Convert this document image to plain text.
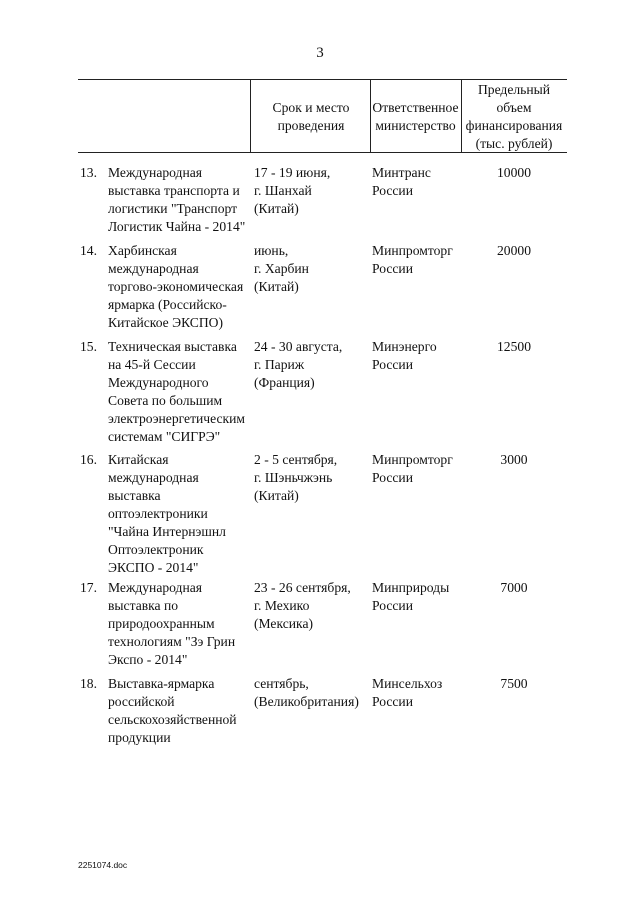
3
Срок и место
проведения
Ответственное
министерство
Предельный
объем
финансирования
(тыс. рублей)
13. Международная
выставка транспорта и
логистики "Транспорт
Логистик Чайна - 2014"
17 - 19 июня,
г. Шанхай
(Китай)
Минтранс
России
10000
14. Харбинская
международная
торгово-экономическая
ярмарка (Российско-
Китайское ЭКСПО)
июнь,
г. Харбин
(Китай)
Минпромторг
России
20000
15. Техническая выставка
на 45-й Сессии
Международного
Совета по большим
электроэнергетическим
системам "СИГРЭ"
24 - 30 августа,
г. Париж
(Франция)
Минэнерго
России
12500
16. Китайская
международная
выставка
оптоэлектроники
"Чайна Интернэшнл
Оптоэлектроник
ЭКСПО - 2014"
2 - 5 сентября,
г. Шэньчжэнь
(Китай)
Минпромторг
России
3000
17. Международная
выставка по
природоохранным
технологиям "Зэ Грин
Экспо - 2014"
23 - 26 сентября,
г. Мехико
(Мексика)
Минприроды
России
7000
18. Выставка-ярмарка
российской
сельскохозяйственной
продукции
сентябрь,
(Великобритания)
Минсельхоз
России
7500
2251074.doc
